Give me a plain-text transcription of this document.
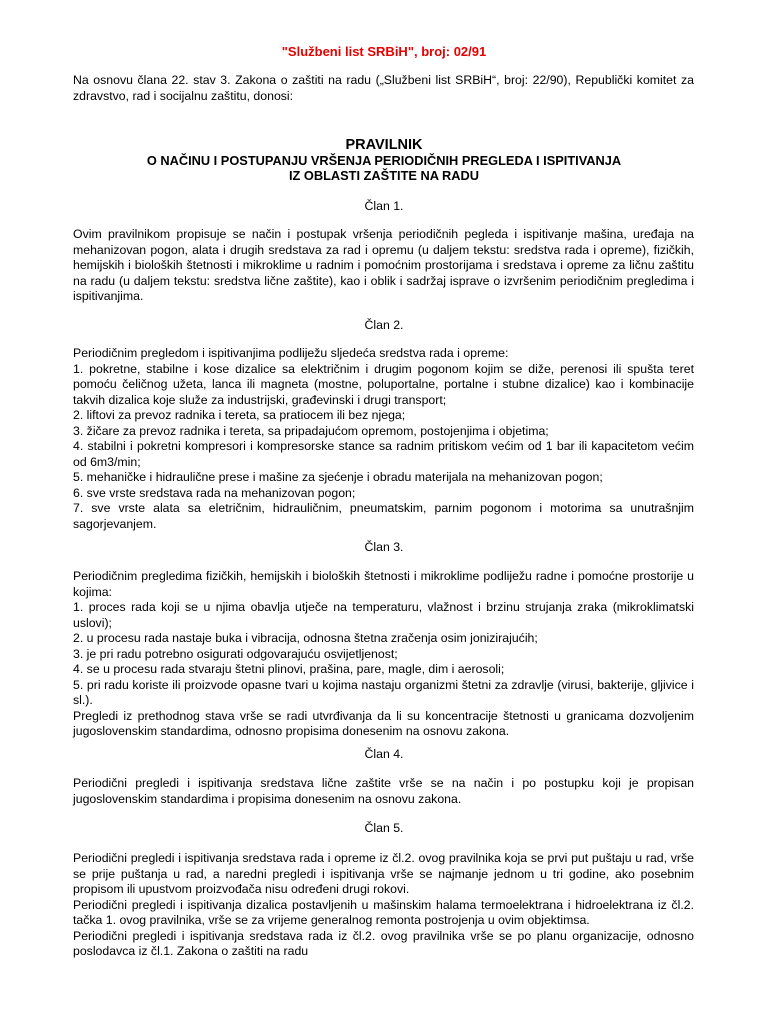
"Službeni list SRBiH", broj: 02/91

Na osnovu člana 22. stav 3. Zakona o zaštiti na radu („Službeni list SRBiH“, broj: 22/90), Republički komitet za zdravstvo, rad i socijalnu zaštitu, donosi:

PRAVILNIK
O NAČINU I POSTUPANJU VRŠENJA PERIODIČNIH PREGLEDA I ISPITIVANJA
IZ OBLASTI ZAŠTITE NA RADU
Član 1.

Ovim pravilnikom propisuje se način i postupak vršenja periodičnih pegleda i ispitivanje mašina, uređaja na mehanizovan pogon, alata i drugih sredstava za rad i opremu (u daljem tekstu: sredstva rada i opreme), fizičkih, hemijskih i bioloških štetnosti i mikroklime u radnim i pomoćnim prostorijama i sredstava i opreme za ličnu zaštitu na radu (u daljem tekstu: sredstva lične zaštite), kao i oblik i sadržaj isprave o izvršenim periodičnim pregledima i ispitivanjima.

Član 2.

Periodičnim pregledom i ispitivanjima podliježu sljedeća sredstva rada i opreme:

1. pokretne, stabilne i kose dizalice sa električnim i drugim pogonom kojim se diže, perenosi ili spušta teret pomoću čeličnog užeta, lanca ili magneta (mostne, poluportalne, portalne i stubne dizalice) kao i kombinacije takvih dizalica koje služe za industrijski, građevinski i drugi transport;

2. liftovi za prevoz radnika i tereta, sa pratiocem ili bez njega;

3. žičare za prevoz radnika i tereta, sa pripadajućom opremom, postojenjima i objetima;

4. stabilni i pokretni kompresori i kompresorske stance sa radnim pritiskom većim od 1 bar ili kapacitetom većim od 6m3/min;

5. mehaničke i hidraulične prese i mašine za sjećenje i obradu materijala na mehanizovan pogon;

6. sve vrste sredstava rada na mehanizovan pogon;

7. sve vrste alata sa eletričnim, hidrauličnim, pneumatskim, parnim pogonom i motorima sa unutrašnjim sagorjevanjem.

Član 3.

Periodičnim pregledima fizičkih, hemijskih i bioloških štetnosti i mikroklime podliježu radne i pomoćne prostorije u kojima:

1. proces rada koji se u njima obavlja utječe na temperaturu, vlažnost i brzinu strujanja zraka (mikroklimatski uslovi);

2. u procesu rada nastaje buka i vibracija, odnosna štetna zračenja osim jonizirajućih;

3. je pri radu potrebno osigurati odgovarajuću osvijetljenost;

4. se u procesu rada stvaraju štetni plinovi, prašina, pare, magle, dim i aerosoli;

5. pri radu koriste ili proizvode opasne tvari u kojima nastaju organizmi štetni za zdravlje (virusi, bakterije, gljivice i sl.).

Pregledi iz prethodnog stava vrše se radi utvrđivanja da li su koncentracije štetnosti u granicama dozvoljenim jugoslovenskim standardima, odnosno propisima donesenim na osnovu zakona.

Član 4.

Periodični pregledi i ispitivanja sredstava lične zaštite vrše se na način i po postupku koji je propisan jugoslovenskim standardima i propisima donesenim na osnovu zakona.

Član 5.

Periodični pregledi i ispitivanja sredstava rada i opreme iz čl.2. ovog pravilnika koja se prvi put puštaju u rad, vrše se prije puštanja u rad, a naredni pregledi i ispitivanja vrše se najmanje jednom u tri godine, ako posebnim propisom ili upustvom proizvođača nisu određeni drugi rokovi.

Periodični pregledi i ispitivanja dizalica postavljenih u mašinskim halama termoelektrana i hidroelektrana iz čl.2. tačka 1. ovog pravilnika, vrše se za vrijeme generalnog remonta postrojenja u ovim objektimsa.

Periodični pregledi i ispitivanja sredstava rada iz čl.2. ovog pravilnika vrše se po planu organizacije, odnosno poslodavca iz čl.1. Zakona o zaštiti na radu
